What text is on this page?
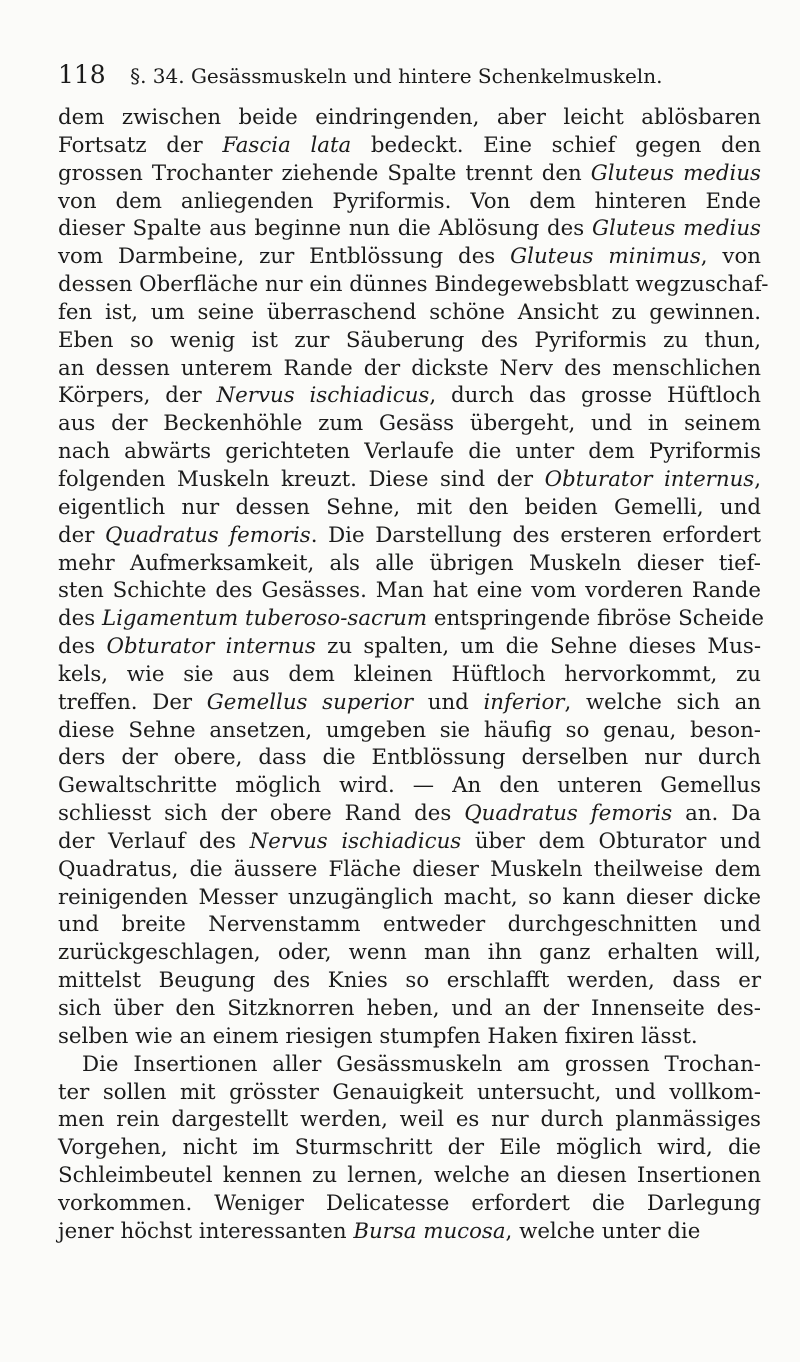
118 §. 34. Gesässmuskeln und hintere Schenkelmuskeln.
dem zwischen beide eindringenden, aber leicht ablösbaren
Fortsatz der Fascia lata bedeckt. Eine schief gegen den
grossen Trochanter ziehende Spalte trennt den Gluteus medius
von dem anliegenden Pyriformis. Von dem hinteren Ende
dieser Spalte aus beginne nun die Ablösung des Gluteus medius
vom Darmbeine, zur Entblössung des Gluteus minimus, von
dessen Oberfläche nur ein dünnes Bindegewebsblatt wegzuschaf-
fen ist, um seine überraschend schöne Ansicht zu gewinnen.
Eben so wenig ist zur Säuberung des Pyriformis zu thun,
an dessen unterem Rande der dickste Nerv des menschlichen
Körpers, der Nervus ischiadicus, durch das grosse Hüftloch
aus der Beckenhöhle zum Gesäss übergeht, und in seinem
nach abwärts gerichteten Verlaufe die unter dem Pyriformis
folgenden Muskeln kreuzt. Diese sind der Obturator internus,
eigentlich nur dessen Sehne, mit den beiden Gemelli, und
der Quadratus femoris. Die Darstellung des ersteren erfordert
mehr Aufmerksamkeit, als alle übrigen Muskeln dieser tief-
sten Schichte des Gesässes. Man hat eine vom vorderen Rande
des Ligamentum tuberoso-sacrum entspringende fibröse Scheide
des Obturator internus zu spalten, um die Sehne dieses Mus-
kels, wie sie aus dem kleinen Hüftloch hervorkommt, zu
treffen. Der Gemellus superior und inferior, welche sich an
diese Sehne ansetzen, umgeben sie häufig so genau, beson-
ders der obere, dass die Entblössung derselben nur durch
Gewaltschritte möglich wird. — An den unteren Gemellus
schliesst sich der obere Rand des Quadratus femoris an. Da
der Verlauf des Nervus ischiadicus über dem Obturator und
Quadratus, die äussere Fläche dieser Muskeln theilweise dem
reinigenden Messer unzugänglich macht, so kann dieser dicke
und breite Nervenstamm entweder durchgeschnitten und
zurückgeschlagen, oder, wenn man ihn ganz erhalten will,
mittelst Beugung des Knies so erschlafft werden, dass er
sich über den Sitzknorren heben, und an der Innenseite des-
selben wie an einem riesigen stumpfen Haken fixiren lässt.
Die Insertionen aller Gesässmuskeln am grossen Trochan-
ter sollen mit grösster Genauigkeit untersucht, und vollkom-
men rein dargestellt werden, weil es nur durch planmässiges
Vorgehen, nicht im Sturmschritt der Eile möglich wird, die
Schleimbeutel kennen zu lernen, welche an diesen Insertionen
vorkommen. Weniger Delicatesse erfordert die Darlegung
jener höchst interessanten Bursa mucosa, welche unter die
